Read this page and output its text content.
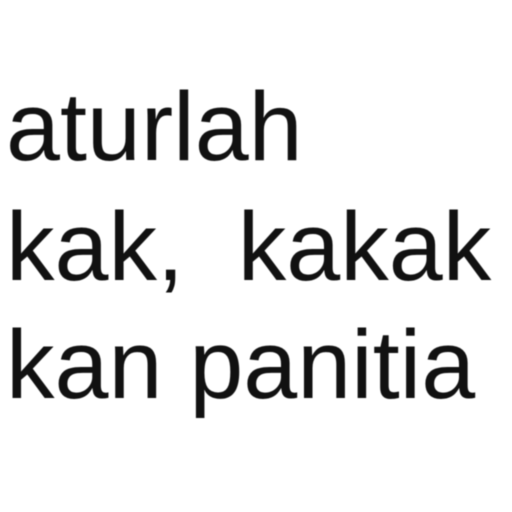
aturlah

kak,  kakak

kan panitia
